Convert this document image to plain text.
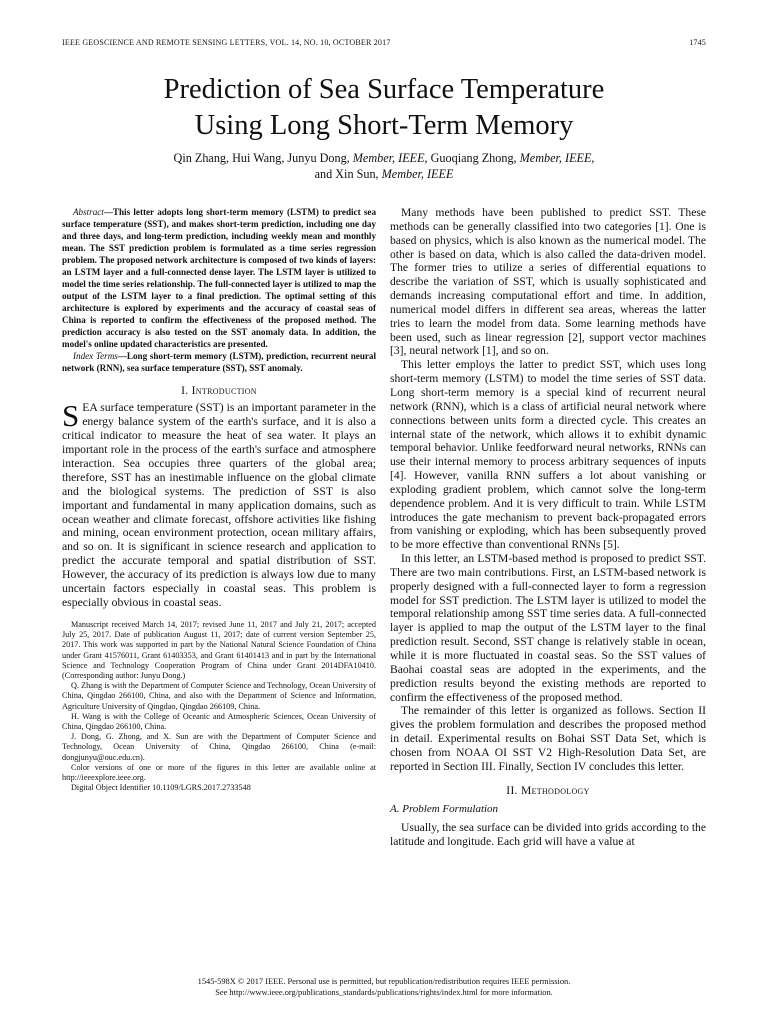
IEEE GEOSCIENCE AND REMOTE SENSING LETTERS, VOL. 14, NO. 10, OCTOBER 2017	1745
Prediction of Sea Surface Temperature
Using Long Short-Term Memory
Qin Zhang, Hui Wang, Junyu Dong, Member, IEEE, Guoqiang Zhong, Member, IEEE,
and Xin Sun, Member, IEEE

Abstract—This letter adopts long short-term memory (LSTM) to predict sea surface temperature (SST), and makes short-term prediction, including one day and three days, and long-term prediction, including weekly mean and monthly mean. The SST prediction problem is formulated as a time series regression problem. The proposed network architecture is composed of two kinds of layers: an LSTM layer and a full-connected dense layer. The LSTM layer is utilized to model the time series relationship. The full-connected layer is utilized to map the output of the LSTM layer to a final prediction. The optimal setting of this architecture is explored by experiments and the accuracy of coastal seas of China is reported to confirm the effectiveness of the proposed method. The prediction accuracy is also tested on the SST anomaly data. In addition, the model's online updated characteristics are presented.

Index Terms—Long short-term memory (LSTM), prediction, recurrent neural network (RNN), sea surface temperature (SST), SST anomaly.

I. Introduction

SEA surface temperature (SST) is an important parameter in the energy balance system of the earth's surface, and it is also a critical indicator to measure the heat of sea water. It plays an important role in the process of the earth's surface and atmosphere interaction. Sea occupies three quarters of the global area; therefore, SST has an inestimable influence on the global climate and the biological systems. The prediction of SST is also important and fundamental in many application domains, such as ocean weather and climate forecast, offshore activities like fishing and mining, ocean environment protection, ocean military affairs, and so on. It is significant in science research and application to predict the accurate temporal and spatial distribution of SST. However, the accuracy of its prediction is always low due to many uncertain factors especially in coastal seas. This problem is especially obvious in coastal seas.

Manuscript received March 14, 2017; revised June 11, 2017 and July 21, 2017; accepted July 25, 2017. Date of publication August 11, 2017; date of current version September 25, 2017. This work was supported in part by the National Natural Science Foundation of China under Grant 41576011, Grant 61403353, and Grant 61401413 and in part by the International Science and Technology Cooperation Program of China under Grant 2014DFA10410. (Corresponding author: Junyu Dong.)

Q. Zhang is with the Department of Computer Science and Technology, Ocean University of China, Qingdao 266100, China, and also with the Department of Science and Information, Agriculture University of Qingdao, Qingdao 266109, China.

H. Wang is with the College of Oceanic and Atmospheric Sciences, Ocean University of China, Qingdao 266100, China.

J. Dong, G. Zhong, and X. Sun are with the Department of Computer Science and Technology, Ocean University of China, Qingdao 266100, China (e-mail: dongjunyu@ouc.edu.cn).

Color versions of one or more of the figures in this letter are available online at http://ieeexplore.ieee.org.

Digital Object Identifier 10.1109/LGRS.2017.2733548

Many methods have been published to predict SST. These methods can be generally classified into two categories [1]. One is based on physics, which is also known as the numerical model. The other is based on data, which is also called the data-driven model. The former tries to utilize a series of differential equations to describe the variation of SST, which is usually sophisticated and demands increasing computational effort and time. In addition, numerical model differs in different sea areas, whereas the latter tries to learn the model from data. Some learning methods have been used, such as linear regression [2], support vector machines [3], neural network [1], and so on.

This letter employs the latter to predict SST, which uses long short-term memory (LSTM) to model the time series of SST data. Long short-term memory is a special kind of recurrent neural network (RNN), which is a class of artificial neural network where connections between units form a directed cycle. This creates an internal state of the network, which allows it to exhibit dynamic temporal behavior. Unlike feedforward neural networks, RNNs can use their internal memory to process arbitrary sequences of inputs [4]. However, vanilla RNN suffers a lot about vanishing or exploding gradient problem, which cannot solve the long-term dependence problem. And it is very difficult to train. While LSTM introduces the gate mechanism to prevent back-propagated errors from vanishing or exploding, which has been subsequently proved to be more effective than conventional RNNs [5].

In this letter, an LSTM-based method is proposed to predict SST. There are two main contributions. First, an LSTM-based network is properly designed with a full-connected layer to form a regression model for SST prediction. The LSTM layer is utilized to model the temporal relationship among SST time series data. A full-connected layer is applied to map the output of the LSTM layer to the final prediction result. Second, SST change is relatively stable in ocean, while it is more fluctuated in coastal seas. So the SST values of Baohai coastal seas are adopted in the experiments, and the prediction results beyond the existing methods are reported to confirm the effectiveness of the proposed method.

The remainder of this letter is organized as follows. Section II gives the problem formulation and describes the proposed method in detail. Experimental results on Bohai SST Data Set, which is chosen from NOAA OI SST V2 High-Resolution Data Set, are reported in Section III. Finally, Section IV concludes this letter.

II. Methodology
A. Problem Formulation

Usually, the sea surface can be divided into grids according to the latitude and longitude. Each grid will have a value at

1545-598X © 2017 IEEE. Personal use is permitted, but republication/redistribution requires IEEE permission.
See http://www.ieee.org/publications_standards/publications/rights/index.html for more information.
